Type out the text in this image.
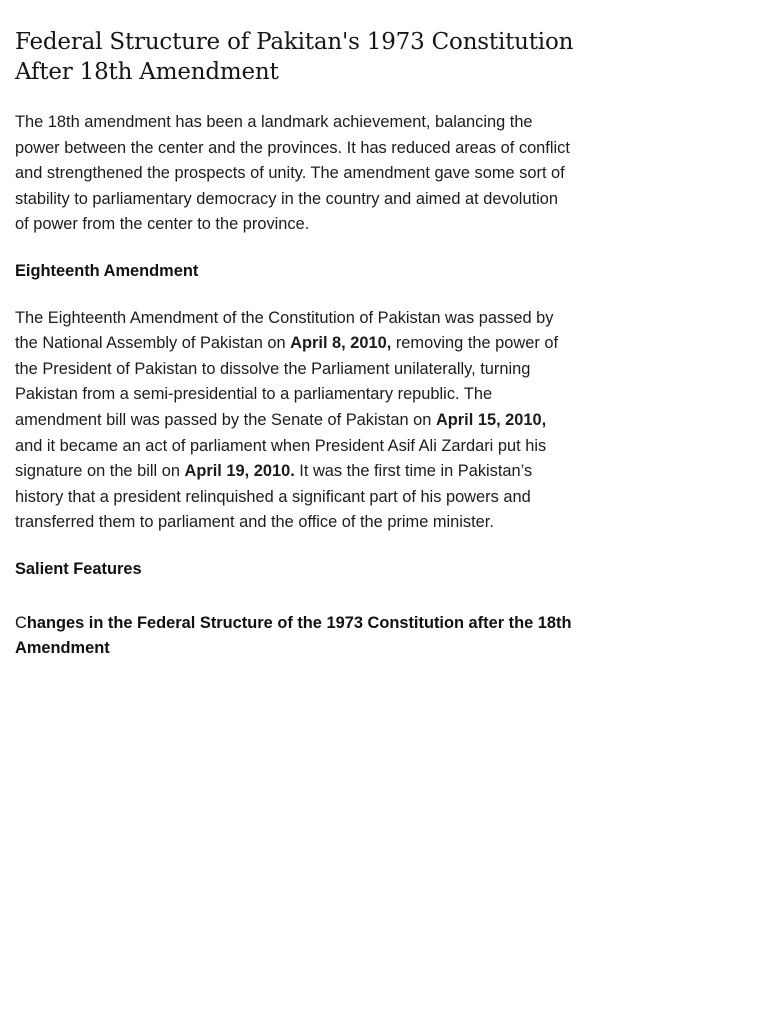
Federal Structure of Pakitan's 1973 Constitution After 18th Amendment

The 18th amendment has been a landmark achievement, balancing the power between the center and the provinces. It has reduced areas of conflict and strengthened the prospects of unity. The amendment gave some sort of stability to parliamentary democracy in the country and aimed at devolution of power from the center to the province.

Eighteenth Amendment

The Eighteenth Amendment of the Constitution of Pakistan was passed by the National Assembly of Pakistan on April 8, 2010, removing the power of the President of Pakistan to dissolve the Parliament unilaterally, turning Pakistan from a semi-presidential to a parliamentary republic. The amendment bill was passed by the Senate of Pakistan on April 15, 2010, and it became an act of parliament when President Asif Ali Zardari put his signature on the bill on April 19, 2010. It was the first time in Pakistan’s history that a president relinquished a significant part of his powers and transferred them to parliament and the office of the prime minister.

Salient Features
Changes in the Federal Structure of the 1973 Constitution after the 18th Amendment
